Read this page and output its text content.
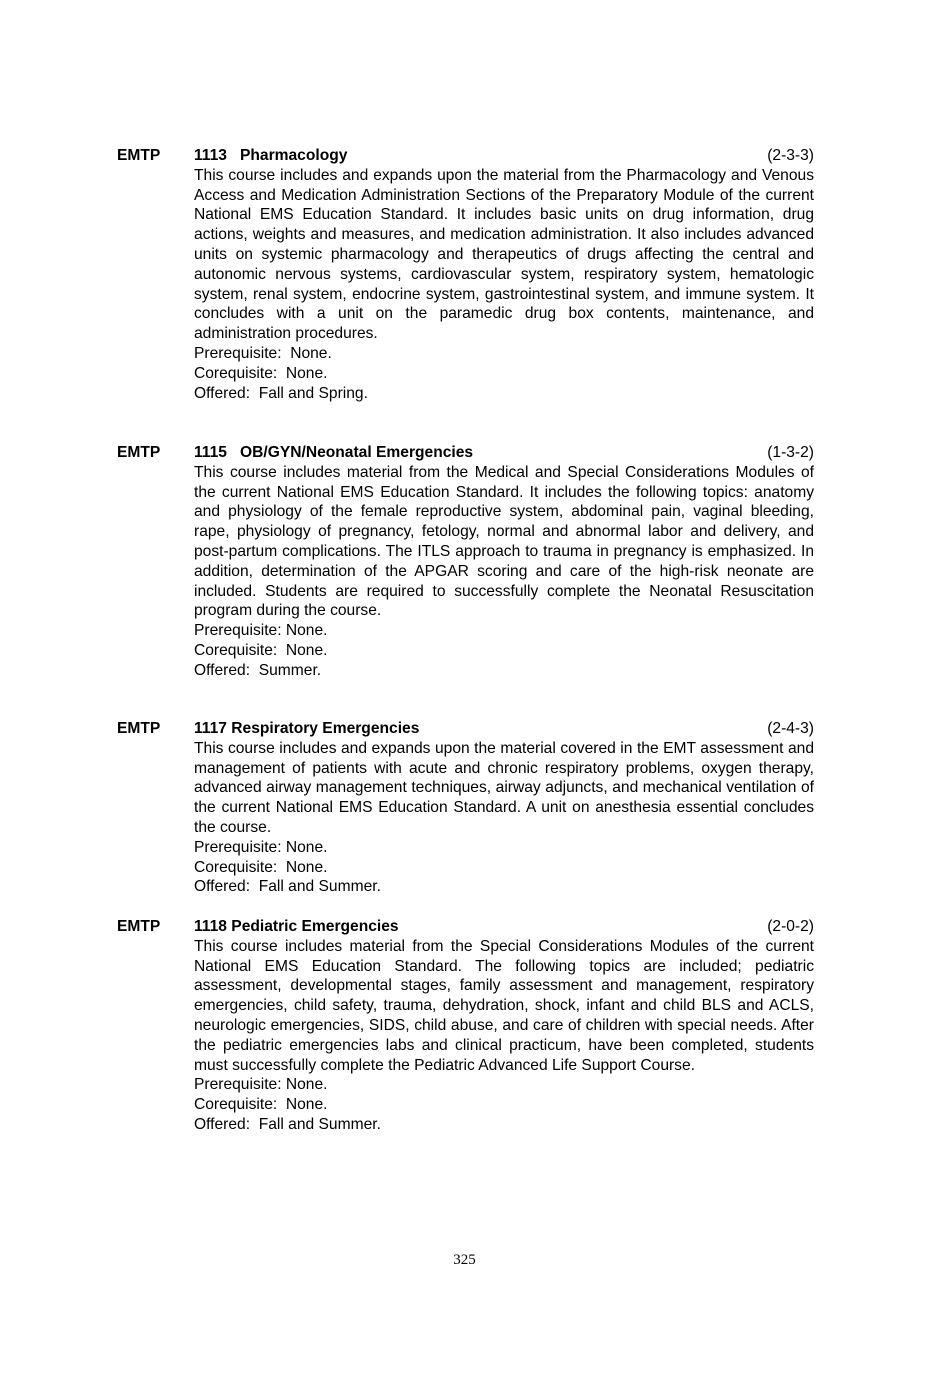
EMTP 1113   Pharmacology	(2-3-3)

This course includes and expands upon the material from the Pharmacology and Venous Access and Medication Administration Sections of the Preparatory Module of the current National EMS Education Standard. It includes basic units on drug information, drug actions, weights and measures, and medication administration. It also includes advanced units on systemic pharmacology and therapeutics of drugs affecting the central and autonomic nervous systems, cardiovascular system, respiratory system, hematologic system, renal system, endocrine system, gastrointestinal system, and immune system. It concludes with a unit on the paramedic drug box contents, maintenance, and administration procedures.

Prerequisite:  None.

Corequisite:  None.

Offered:  Fall and Spring.

EMTP 1115   OB/GYN/Neonatal Emergencies	(1-3-2)

This course includes material from the Medical and Special Considerations Modules of the current National EMS Education Standard. It includes the following topics: anatomy and physiology of the female reproductive system, abdominal pain, vaginal bleeding, rape, physiology of pregnancy, fetology, normal and abnormal labor and delivery, and post-partum complications. The ITLS approach to trauma in pregnancy is emphasized. In addition, determination of the APGAR scoring and care of the high-risk neonate are included. Students are required to successfully complete the Neonatal Resuscitation program during the course.

Prerequisite: None.

Corequisite:  None.

Offered:  Summer.

EMTP 1117 Respiratory Emergencies	(2-4-3)

This course includes and expands upon the material covered in the EMT assessment and management of patients with acute and chronic respiratory problems, oxygen therapy, advanced airway management techniques, airway adjuncts, and mechanical ventilation of the current National EMS Education Standard. A unit on anesthesia essential concludes the course.

Prerequisite: None.

Corequisite:  None.

Offered:  Fall and Summer.

EMTP 1118 Pediatric Emergencies	(2-0-2)

This course includes material from the Special Considerations Modules of the current National EMS Education Standard. The following topics are included; pediatric assessment, developmental stages, family assessment and management, respiratory emergencies, child safety, trauma, dehydration, shock, infant and child BLS and ACLS, neurologic emergencies, SIDS, child abuse, and care of children with special needs. After the pediatric emergencies labs and clinical practicum, have been completed, students must successfully complete the Pediatric Advanced Life Support Course.

Prerequisite: None.

Corequisite:  None.

Offered:  Fall and Summer.

325
